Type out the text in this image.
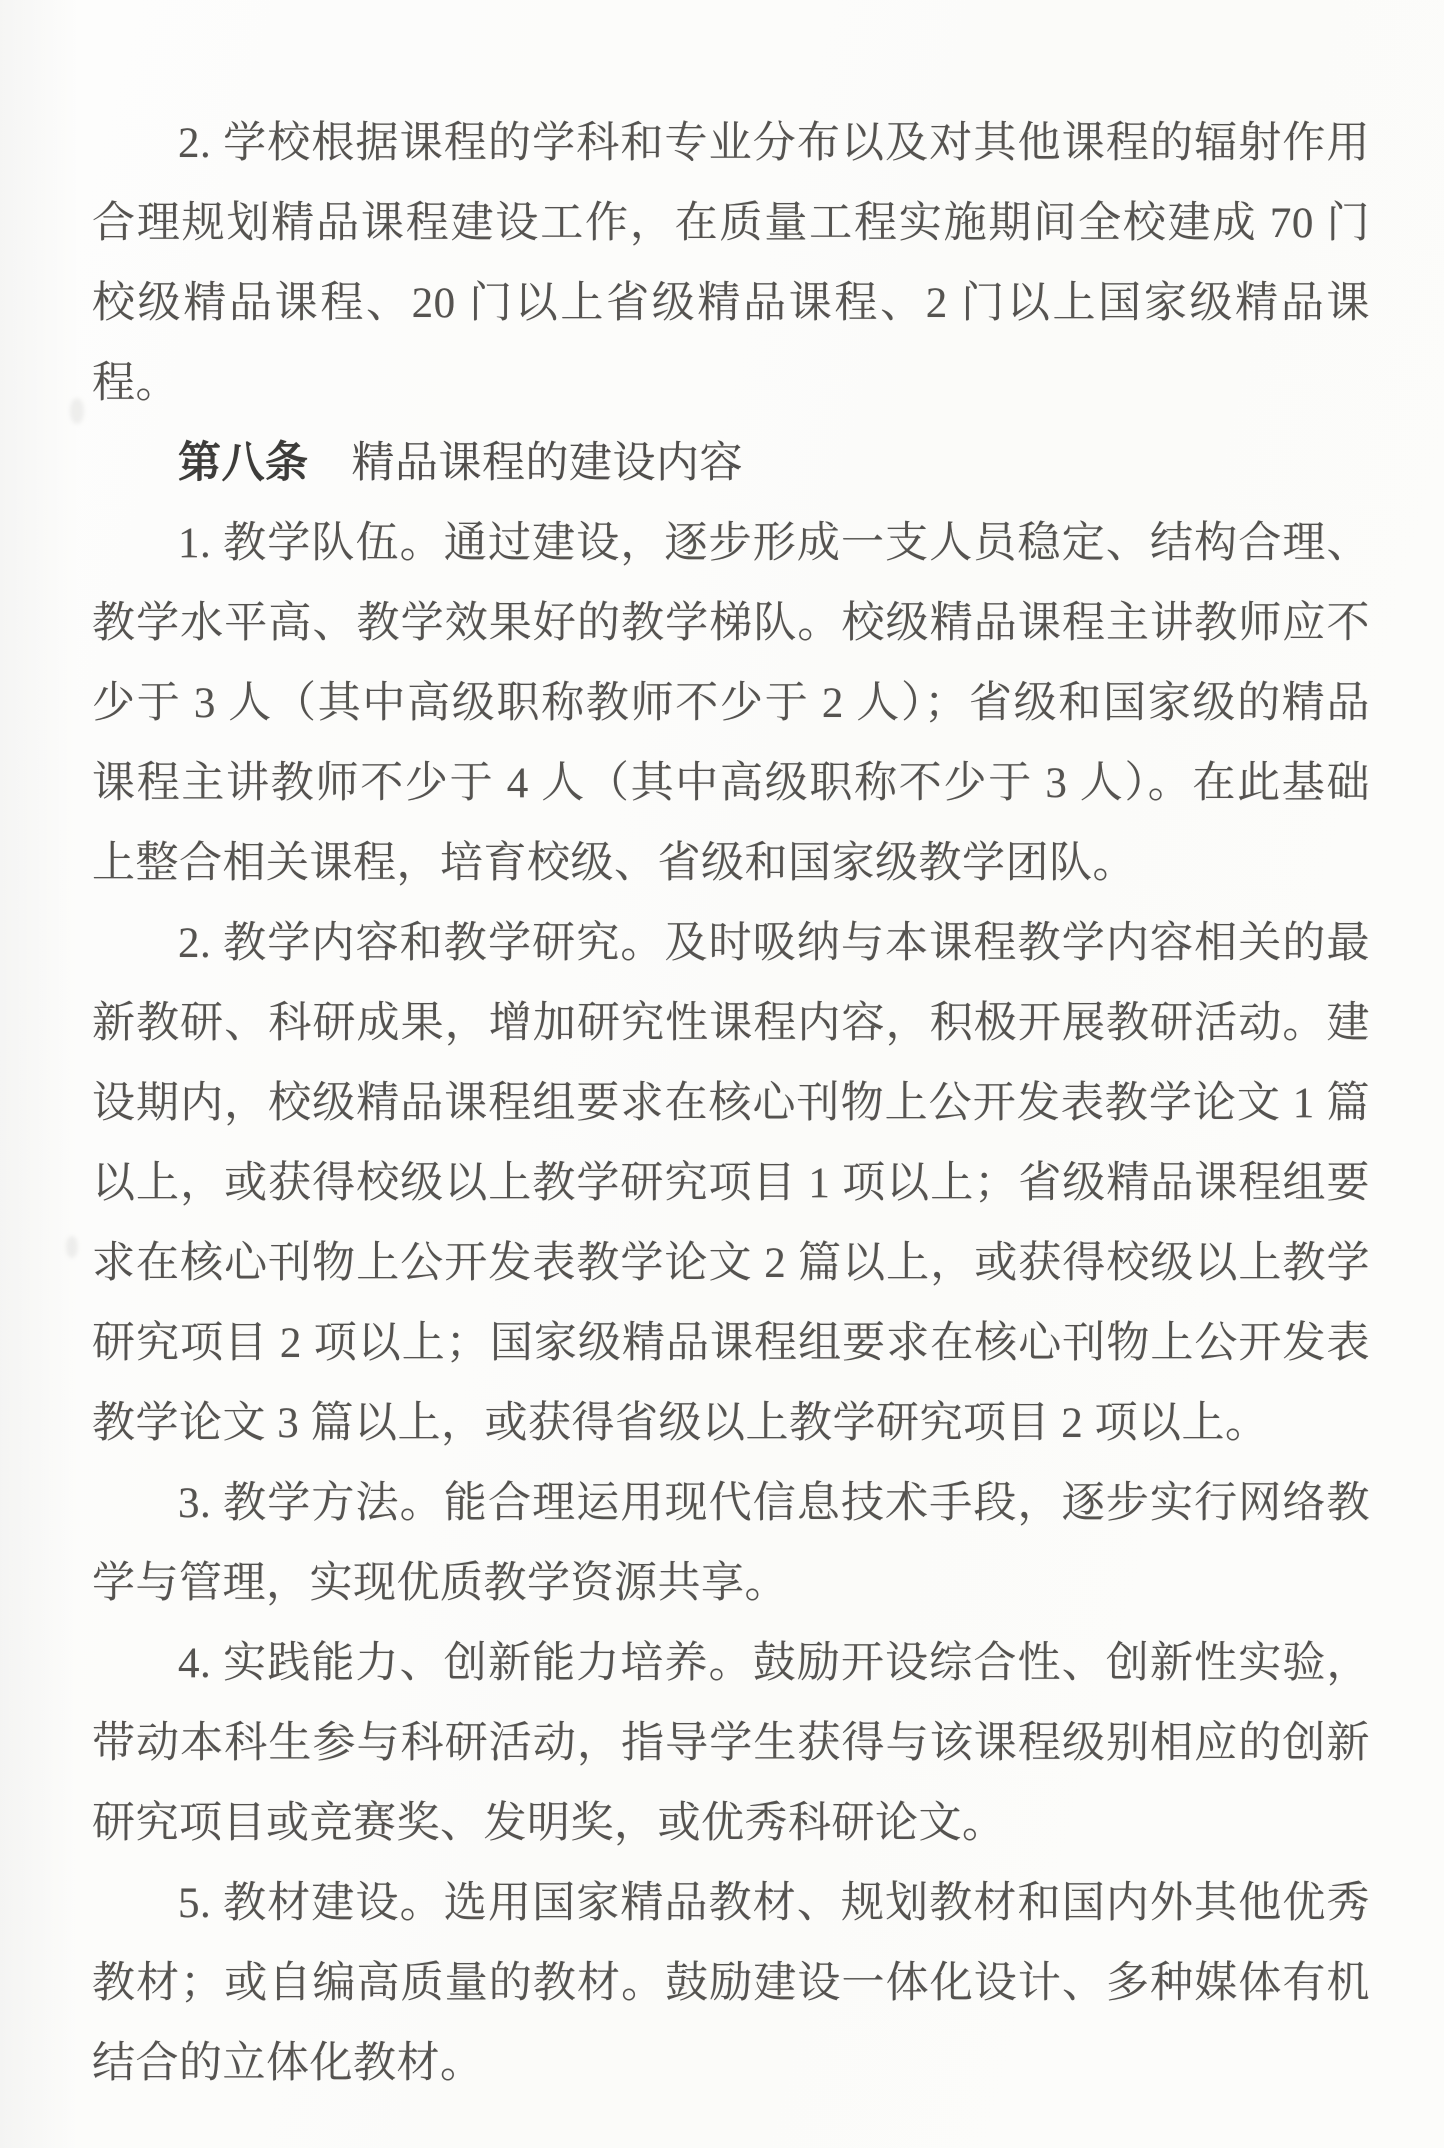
2. 学校根据课程的学科和专业分布以及对其他课程的辐射作用合理规划精品课程建设工作，在质量工程实施期间全校建成 70 门校级精品课程、20 门以上省级精品课程、2 门以上国家级精品课程。

第八条 精品课程的建设内容

1. 教学队伍。通过建设，逐步形成一支人员稳定、结构合理、教学水平高、教学效果好的教学梯队。校级精品课程主讲教师应不少于 3 人（其中高级职称教师不少于 2 人）；省级和国家级的精品课程主讲教师不少于 4 人（其中高级职称不少于 3 人）。在此基础上整合相关课程，培育校级、省级和国家级教学团队。

2. 教学内容和教学研究。及时吸纳与本课程教学内容相关的最新教研、科研成果，增加研究性课程内容，积极开展教研活动。建设期内，校级精品课程组要求在核心刊物上公开发表教学论文 1 篇以上，或获得校级以上教学研究项目 1 项以上；省级精品课程组要求在核心刊物上公开发表教学论文 2 篇以上，或获得校级以上教学研究项目 2 项以上；国家级精品课程组要求在核心刊物上公开发表教学论文 3 篇以上，或获得省级以上教学研究项目 2 项以上。

3. 教学方法。能合理运用现代信息技术手段，逐步实行网络教学与管理，实现优质教学资源共享。

4. 实践能力、创新能力培养。鼓励开设综合性、创新性实验，带动本科生参与科研活动，指导学生获得与该课程级别相应的创新研究项目或竞赛奖、发明奖，或优秀科研论文。

5. 教材建设。选用国家精品教材、规划教材和国内外其他优秀教材；或自编高质量的教材。鼓励建设一体化设计、多种媒体有机结合的立体化教材。
